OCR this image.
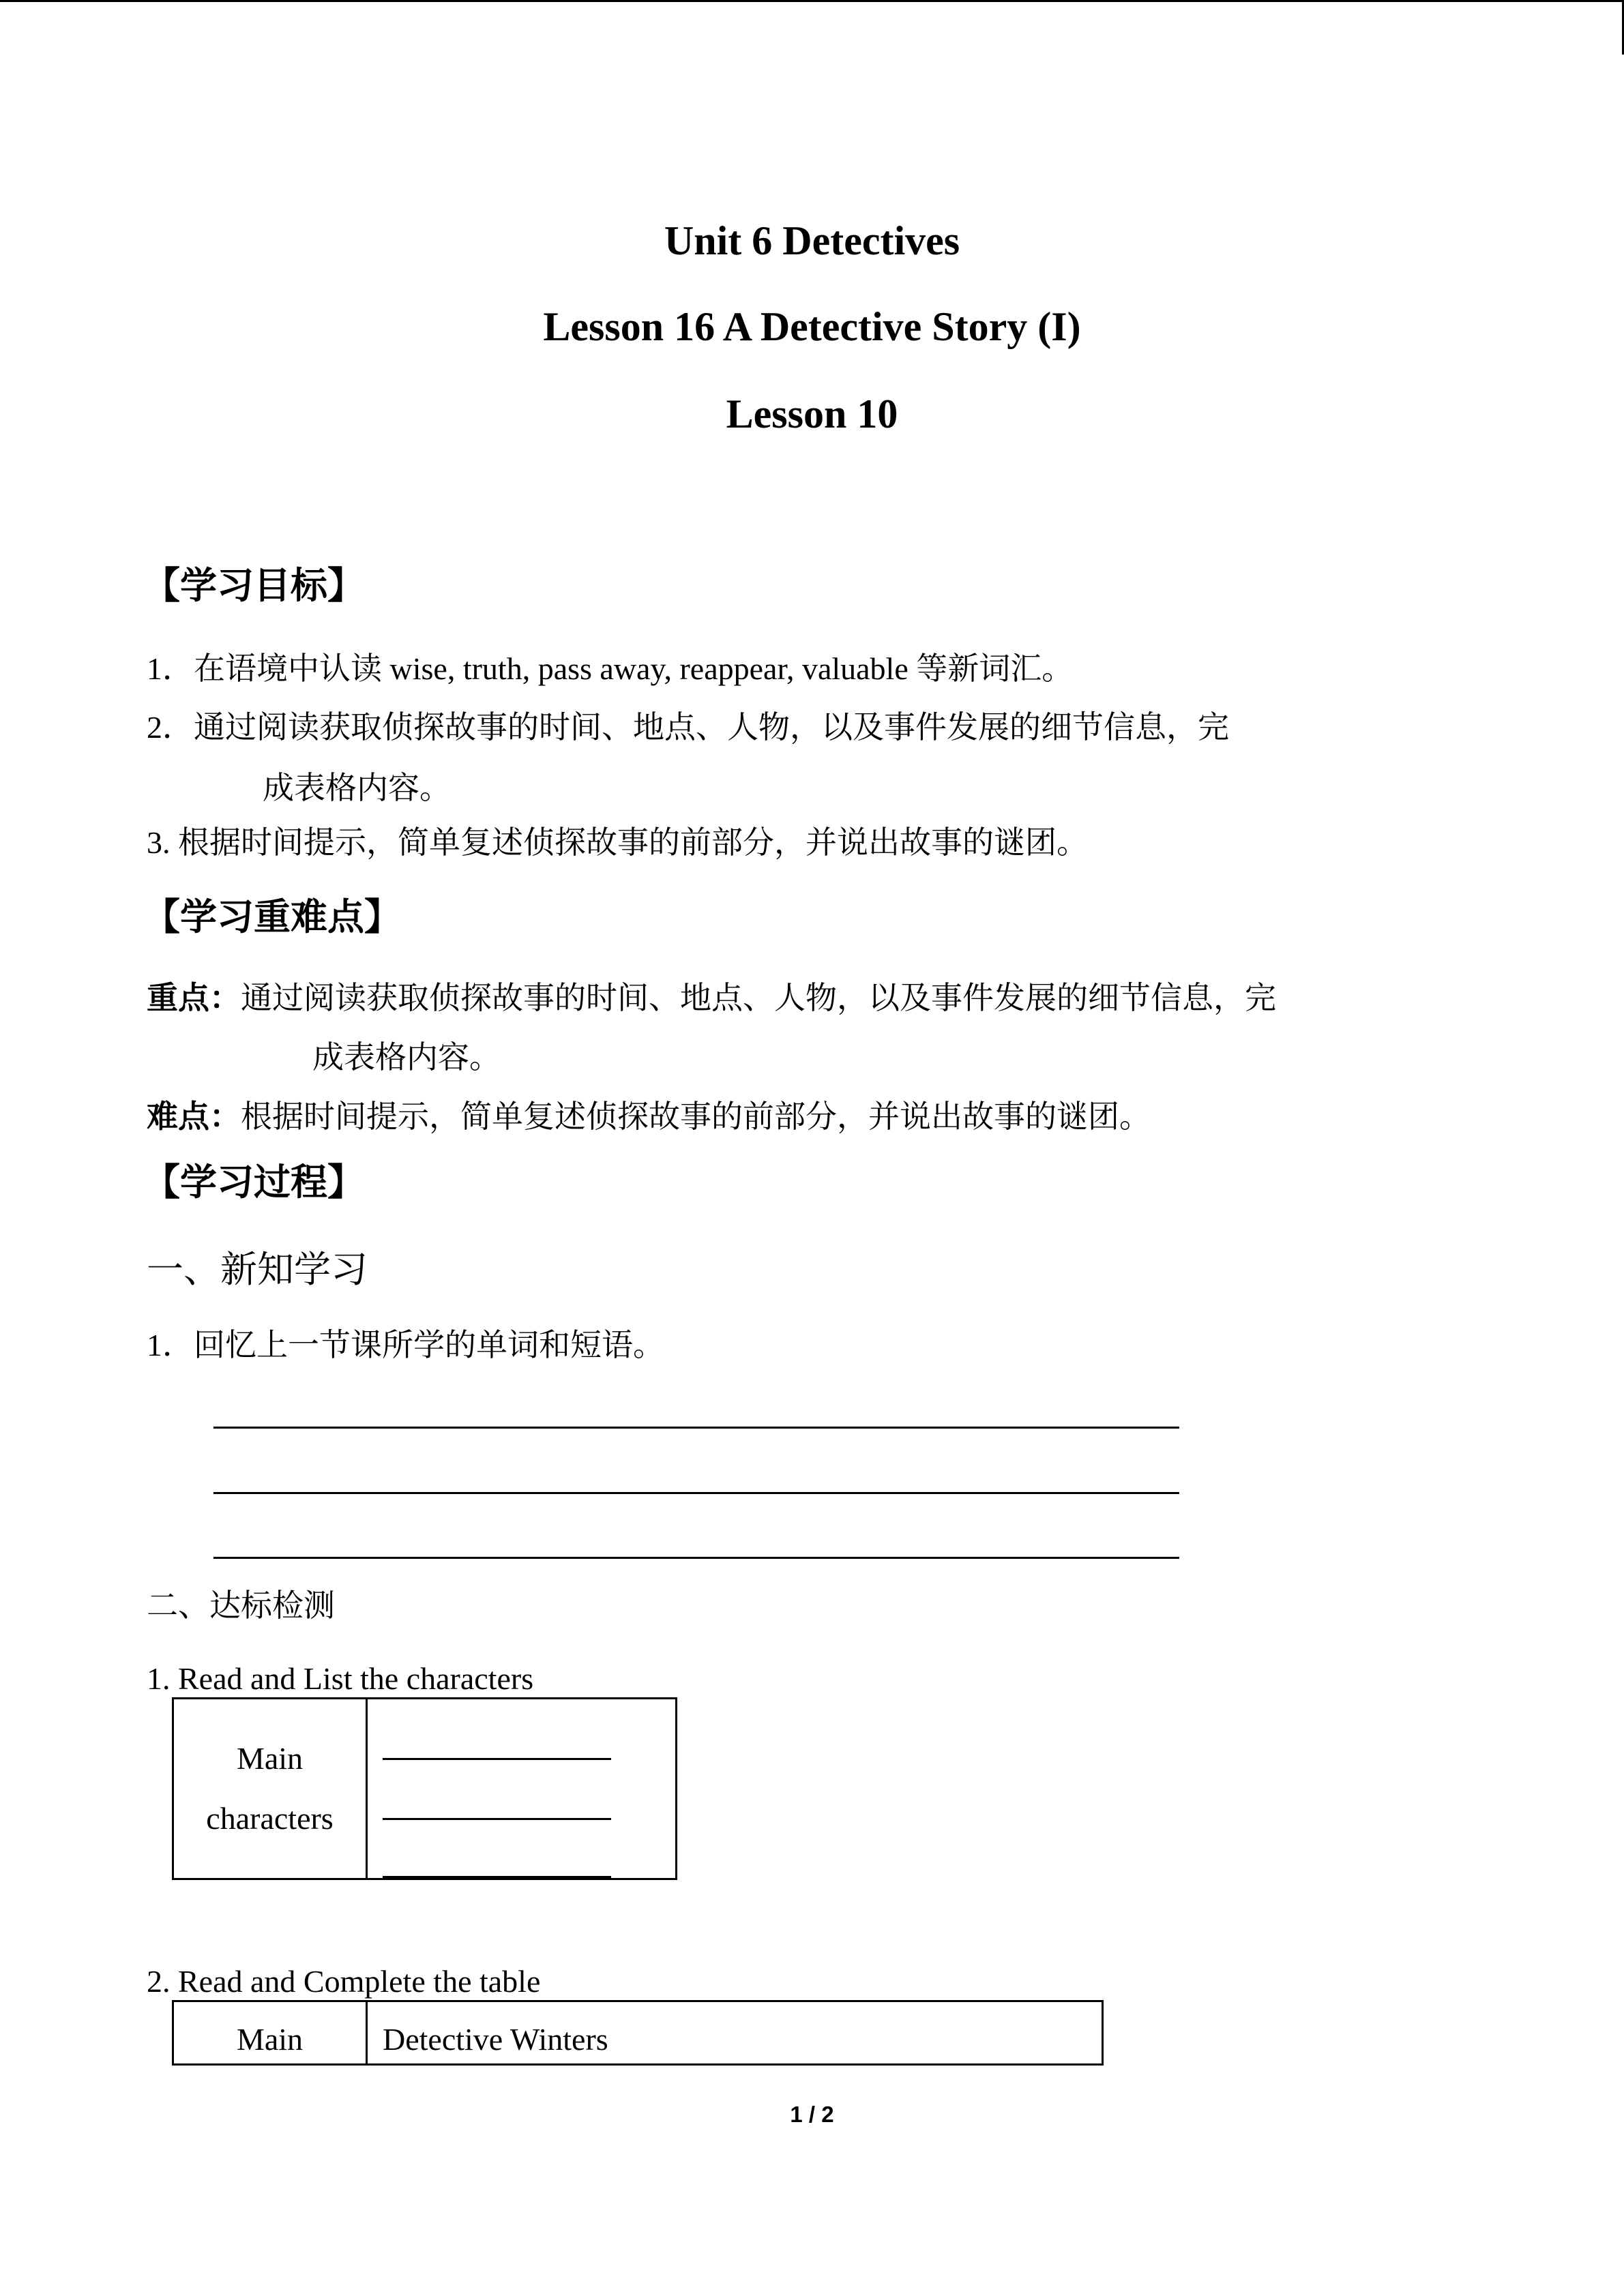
Unit 6 Detectives
Lesson 16 A Detective Story (I)
Lesson 10
【学习目标】
1．在语境中认读 wise, truth, pass away, reappear, valuable 等新词汇。
2．通过阅读获取侦探故事的时间、地点、人物，以及事件发展的细节信息，完
成表格内容。
3. 根据时间提示，简单复述侦探故事的前部分，并说出故事的谜团。
【学习重难点】
重点：通过阅读获取侦探故事的时间、地点、人物，以及事件发展的细节信息，完
成表格内容。
难点：根据时间提示，简单复述侦探故事的前部分，并说出故事的谜团。
【学习过程】
一、新知学习
1．回忆上一节课所学的单词和短语。
二、达标检测
1. Read and List the characters
Main
characters

2. Read and Complete the table
Main	Detective Winters
1 / 2
